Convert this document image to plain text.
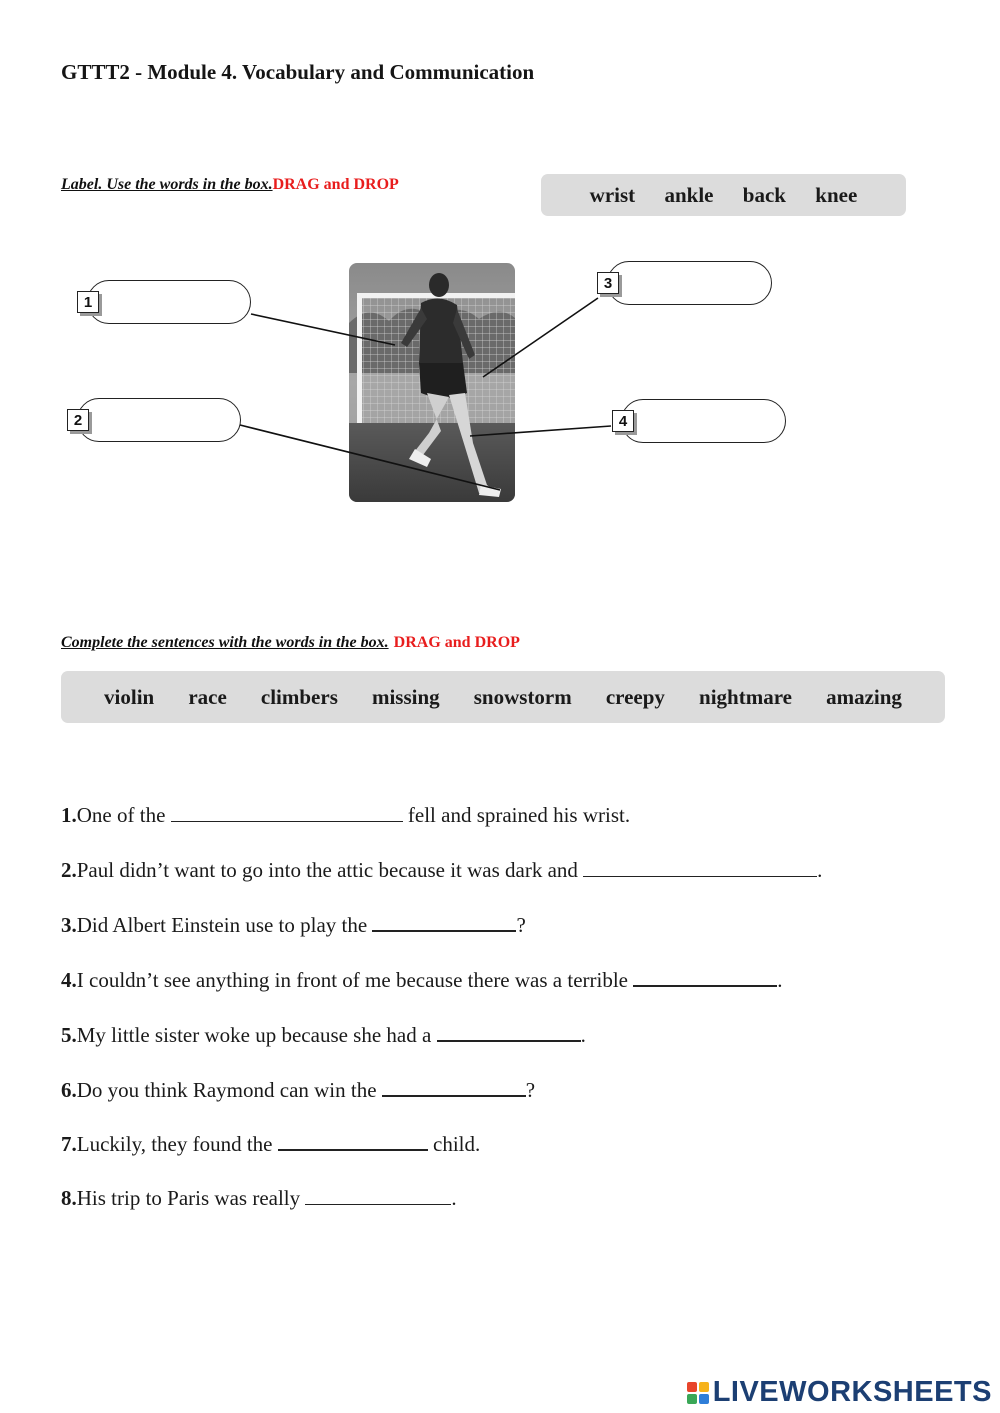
GTTT2 - Module 4. Vocabulary and Communication
Label. Use the words in the box.DRAG and DROP	wrist ankle back knee
1
2
3
4
Complete the sentences with the words in the box. DRAG and DROP
violin race climbers missing snowstorm creepy nightmare amazing
1.One of the	fell and sprained his wrist.
2.Paul didn’t want to go into the attic because it was dark and	.
3.Did Albert Einstein use to play the	?
4.I couldn’t see anything in front of me because there was a terrible	.
5.My little sister woke up because she had a	.
6.Do you think Raymond can win the	?
7.Luckily, they found the	child.
8.His trip to Paris was really	.
LIVEWORKSHEETS
